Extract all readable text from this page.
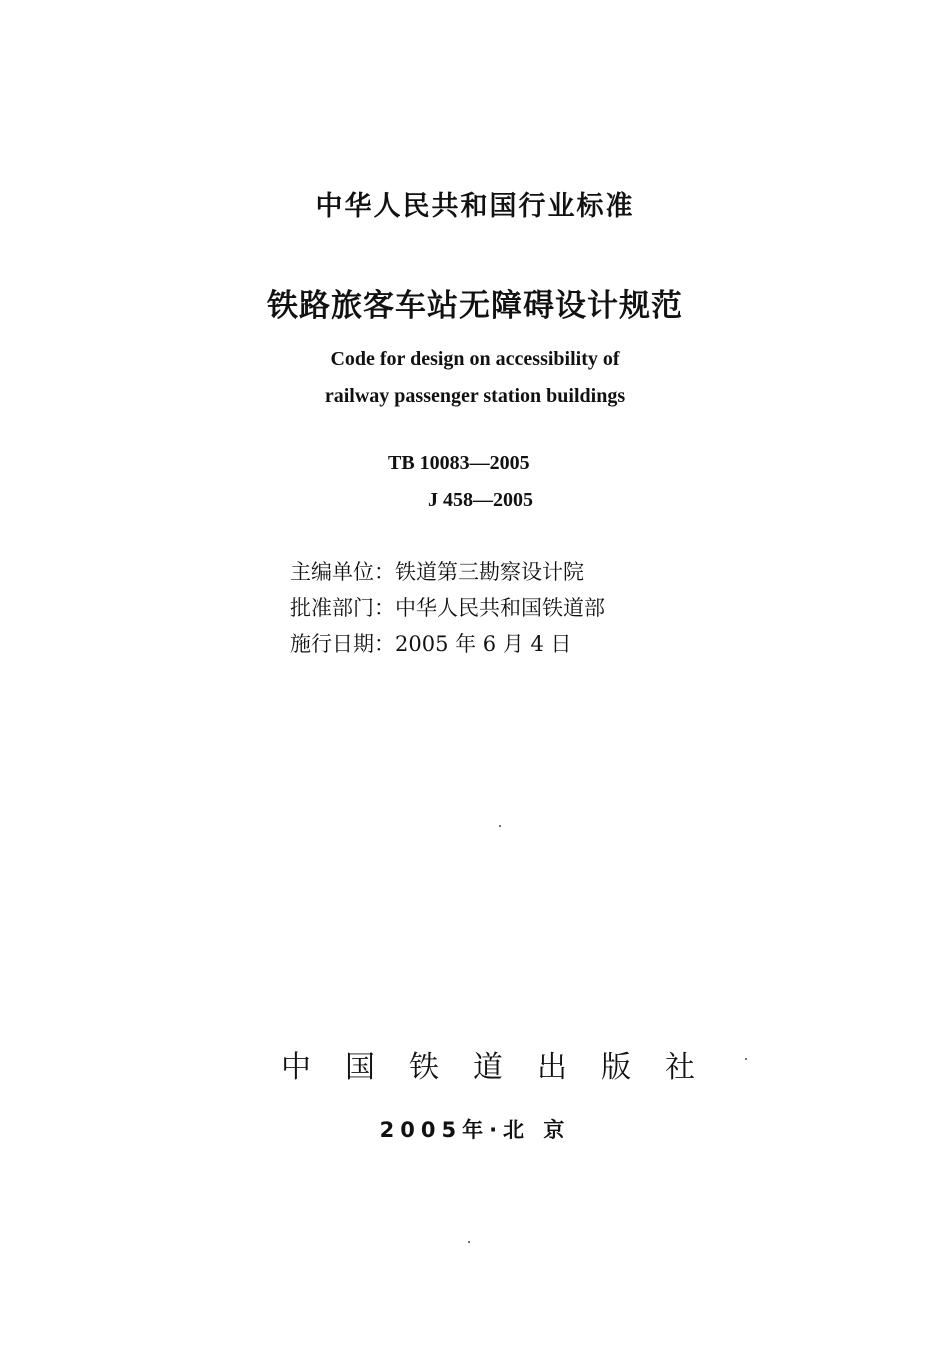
中华人民共和国行业标准
铁路旅客车站无障碍设计规范
Code for design on accessibility of
railway passenger station buildings
TB 10083—2005
J 458—2005
主编单位：铁道第三勘察设计院
批准部门：中华人民共和国铁道部
施行日期：2005 年 6 月 4 日
中国铁道出版社
2005年·北 京
